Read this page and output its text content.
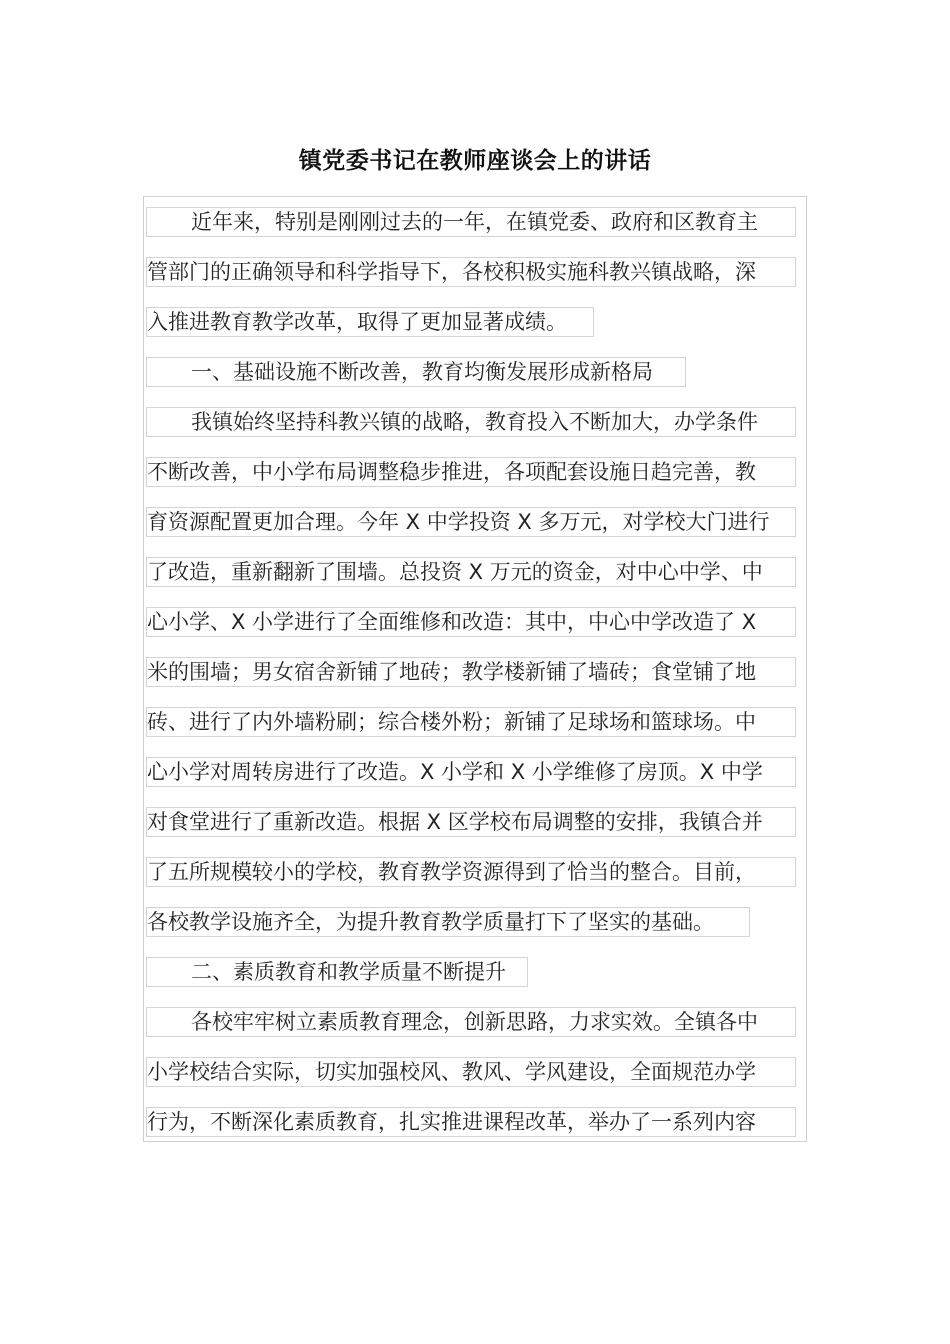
镇党委书记在教师座谈会上的讲话
近年来，特别是刚刚过去的一年，在镇党委、政府和区教育主
管部门的正确领导和科学指导下，各校积极实施科教兴镇战略，深
入推进教育教学改革，取得了更加显著成绩。
一、基础设施不断改善，教育均衡发展形成新格局
我镇始终坚持科教兴镇的战略，教育投入不断加大，办学条件
不断改善，中小学布局调整稳步推进，各项配套设施日趋完善，教
育资源配置更加合理。今年 X 中学投资 X 多万元，对学校大门进行
了改造，重新翻新了围墙。总投资 X 万元的资金，对中心中学、中
心小学、X 小学进行了全面维修和改造：其中，中心中学改造了 X
米的围墙；男女宿舍新铺了地砖；教学楼新铺了墙砖；食堂铺了地
砖、进行了内外墙粉刷；综合楼外粉；新铺了足球场和篮球场。中
心小学对周转房进行了改造。X 小学和 X 小学维修了房顶。X 中学
对食堂进行了重新改造。根据 X 区学校布局调整的安排，我镇合并
了五所规模较小的学校，教育教学资源得到了恰当的整合。目前，
各校教学设施齐全，为提升教育教学质量打下了坚实的基础。
二、素质教育和教学质量不断提升
各校牢牢树立素质教育理念，创新思路，力求实效。全镇各中
小学校结合实际，切实加强校风、教风、学风建设，全面规范办学
行为，不断深化素质教育，扎实推进课程改革，举办了一系列内容
